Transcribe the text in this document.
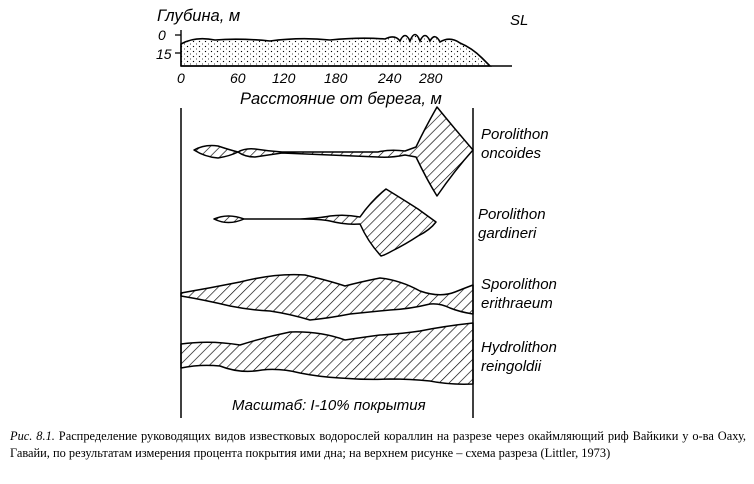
Глубина, м
0
15
SL
0	60 120 180 240 280
Расстояние от берега, м
Масштаб: I-10% покрытия
Porolithon
oncoides
Porolithon
gardineri
Sporolithon
erithraeum
Hydrolithon
reingoldii
Рис. 8.1. Распределение руководящих видов известковых водорослей кораллин на разрезе через окаймляющий риф Вайкики у о-ва Оаху, Гавайи, по результатам измерения процента покрытия ими дна; на верхнем рисунке – схема разреза (Littler, 1973)
